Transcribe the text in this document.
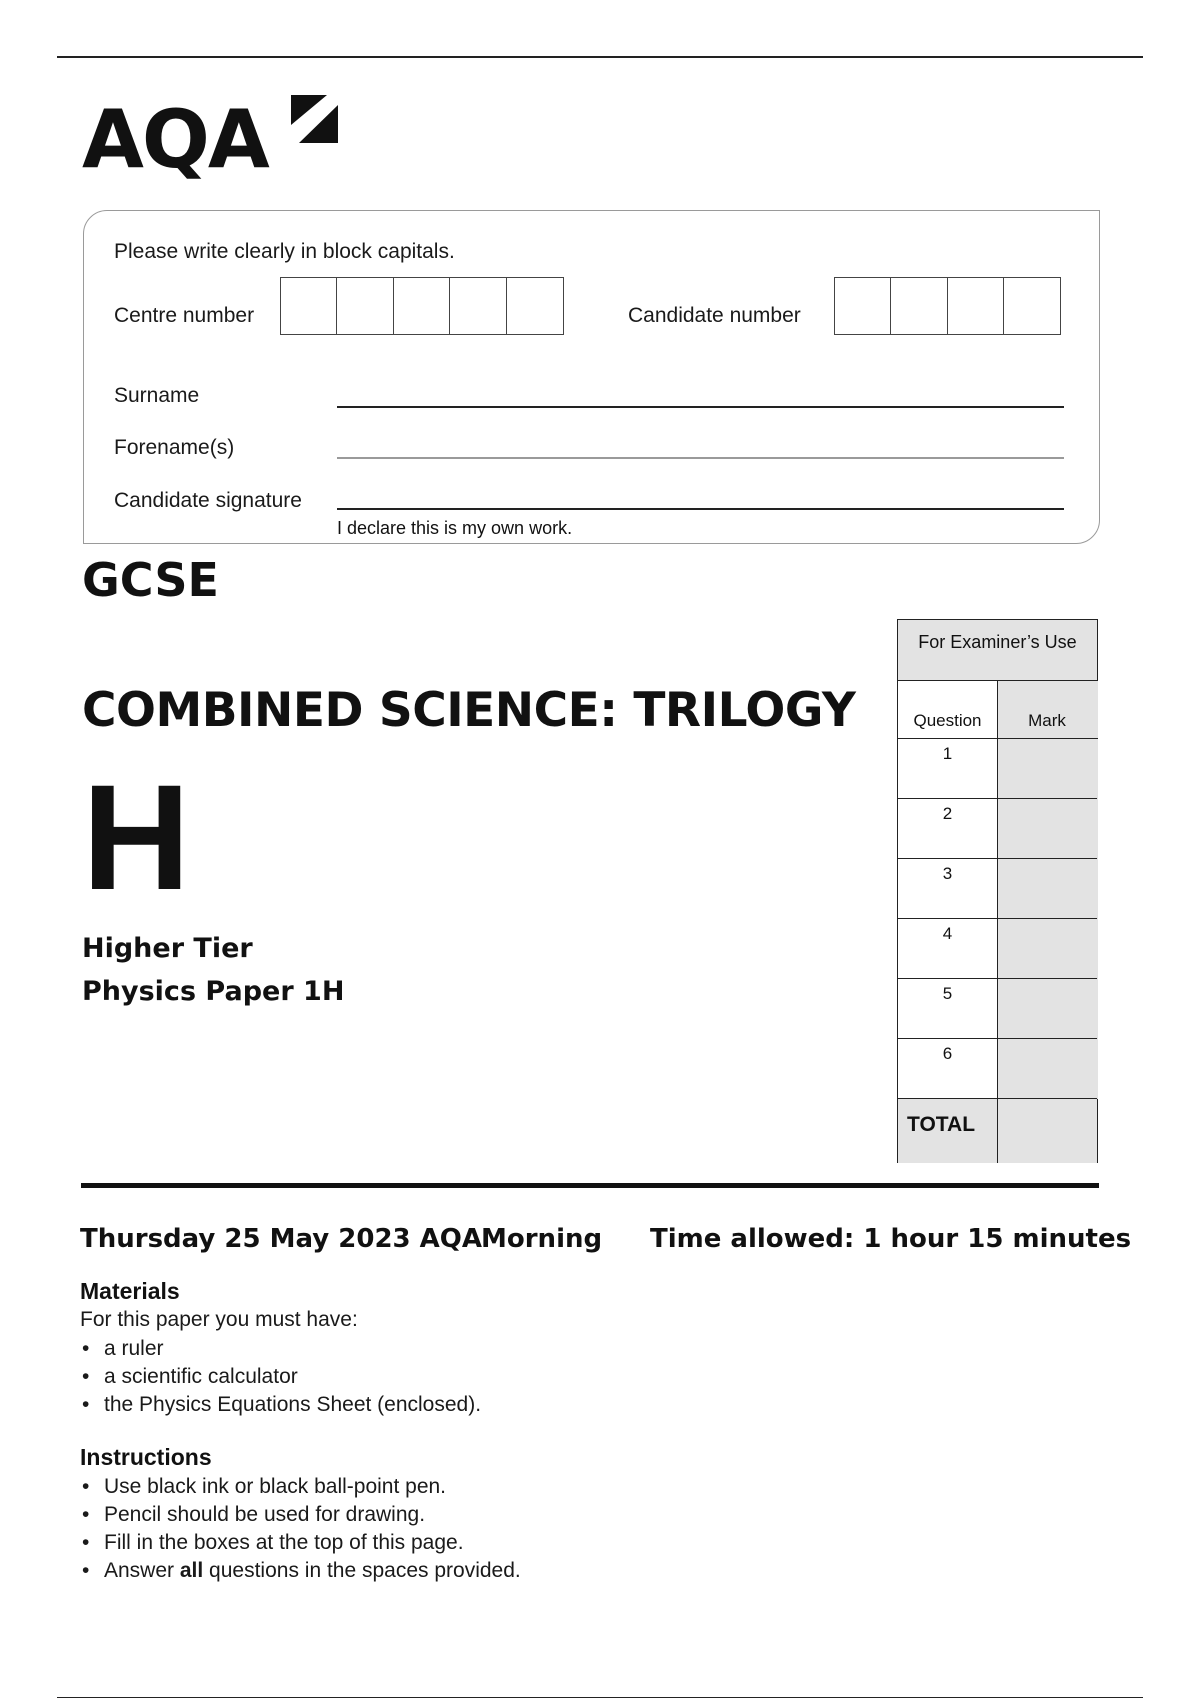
AQA
Please write clearly in block capitals.
Centre number	Candidate number
Surname
Forename(s)
Candidate signature
I declare this is my own work.
GCSE
COMBINED SCIENCE: TRILOGY
H
Higher Tier
Physics Paper 1H
For Examiner’s Use
Question	Mark
1
2
3
4
5
6
TOTAL
Thursday 25 May 2023 AQA
Morning Time allowed: 1 hour 15 minutes
Materials
For this paper you must have:
• a ruler
• a scientific calculator
• the Physics Equations Sheet (enclosed).
Instructions
• Use black ink or black ball-point pen.
• Pencil should be used for drawing.
• Fill in the boxes at the top of this page.
• Answer all questions in the spaces provided.
